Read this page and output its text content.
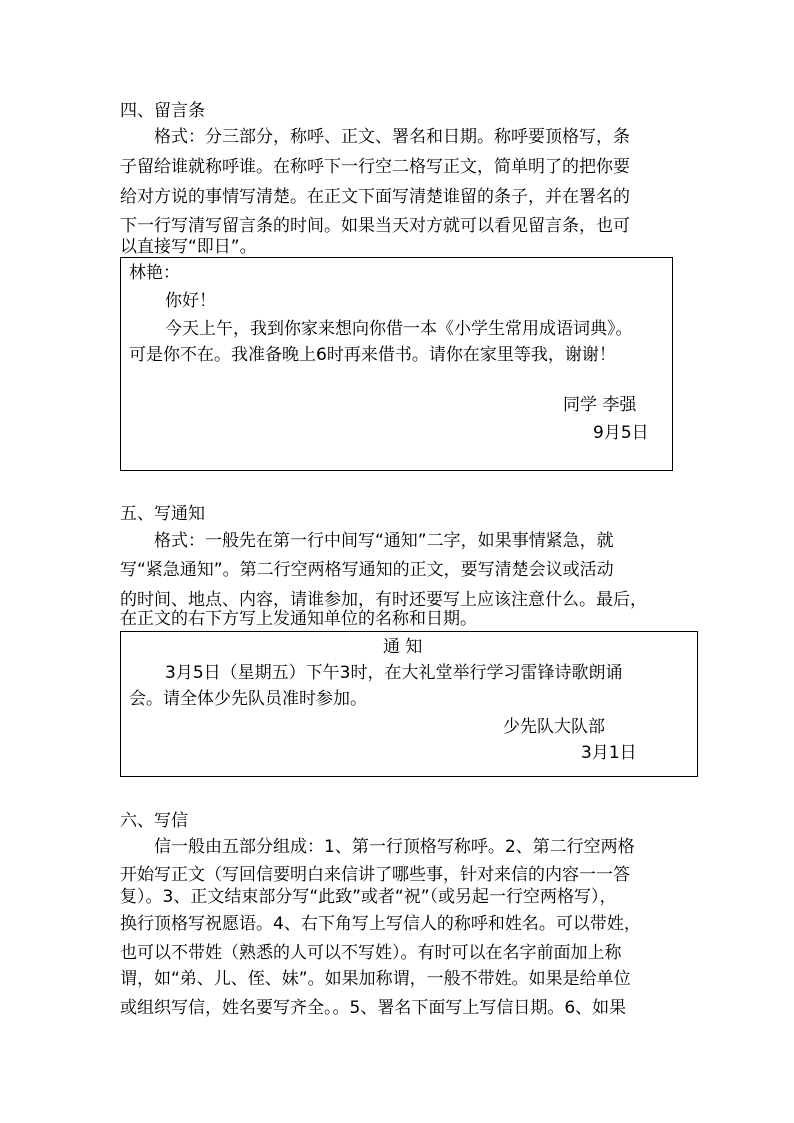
四、留言条
格式：分三部分，称呼、正文、署名和日期。称呼要顶格写，条
子留给谁就称呼谁。在称呼下一行空二格写正文，简单明了的把你要
给对方说的事情写清楚。在正文下面写清楚谁留的条子，并在署名的
下一行写清写留言条的时间。如果当天对方就可以看见留言条，也可
以直接写“即日”。
林艳：
你好！
今天上午，我到你家来想向你借一本《小学生常用成语词典》。
可是你不在。我准备晚上6时再来借书。请你在家里等我，谢谢！
同学 李强
9月5日
五、写通知
格式：一般先在第一行中间写“通知”二字，如果事情紧急，就
写“紧急通知”。第二行空两格写通知的正文，要写清楚会议或活动
的时间、地点、内容，请谁参加，有时还要写上应该注意什么。最后，
在正文的右下方写上发通知单位的名称和日期。
通 知
3月5日（星期五）下午3时，在大礼堂举行学习雷锋诗歌朗诵
会。请全体少先队员准时参加。
少先队大队部
3月1日
六、写信
信一般由五部分组成：1、第一行顶格写称呼。2、第二行空两格
开始写正文（写回信要明白来信讲了哪些事，针对来信的内容一一答
复）。3、正文结束部分写“此致”或者“祝”（或另起一行空两格写），
换行顶格写祝愿语。4、右下角写上写信人的称呼和姓名。可以带姓，
也可以不带姓（熟悉的人可以不写姓）。有时可以在名字前面加上称
谓，如“弟、儿、侄、妹”。如果加称谓，一般不带姓。如果是给单位
或组织写信，姓名要写齐全。。5、署名下面写上写信日期。6、如果
